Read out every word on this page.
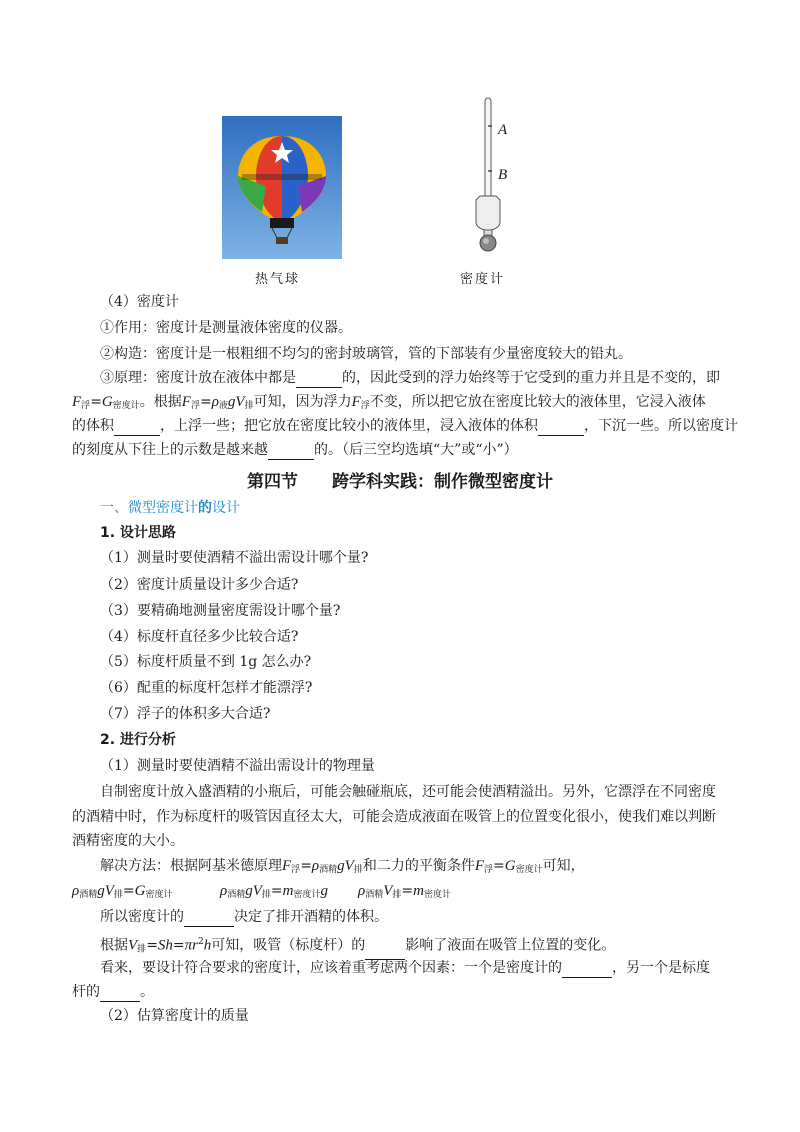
A
B
热气球	密度计
（4）密度计
①作用：密度计是测量液体密度的仪器。
②构造：密度计是一根粗细不均匀的密封玻璃管，管的下部装有少量密度较大的铅丸。
③原理：密度计放在液体中都是	的，因此受到的浮力始终等于它受到的重力并且是不变的，即
$F_浮=G_{密度计}$。根据$F_浮=\rho_液gV_排$可知，因为浮力$F_浮$不变，所以把它放在密度比较大的液体里，它浸入液体
的体积	，上浮一些；把它放在密度比较小的液体里，浸入液体的体积	，下沉一些。所以密度计
的刻度从下往上的示数是越来越	的。（后三空均选填“大”或“小”）
第四节 跨学科实践：制作微型密度计
一、微型密度计的设计
1. 设计思路
（1）测量时要使酒精不溢出需设计哪个量?
（2）密度计质量设计多少合适?
（3）要精确地测量密度需设计哪个量?
（4）标度杆直径多少比较合适?
（5）标度杆质量不到 1g 怎么办?
（6）配重的标度杆怎样才能漂浮?
（7）浮子的体积多大合适?
2. 进行分析
（1）测量时要使酒精不溢出需设计的物理量
自制密度计放入盛酒精的小瓶后，可能会触碰瓶底，还可能会使酒精溢出。另外，它漂浮在不同密度
的酒精中时，作为标度杆的吸管因直径太大，可能会造成液面在吸管上的位置变化很小，使我们难以判断
酒精密度的大小。
解决方法：根据阿基米德原理$F_浮=\rho_{酒精}gV_排$和二力的平衡条件$F_浮=G_{密度计}$可知，
$\rho_{酒精}gV_排=G_{密度计}$	$\rho_{酒精}gV_排=m_{密度计}g$ $\rho_{酒精}V_排=m_{密度计}$
所以密度计的	决定了排开酒精的体积。
根据$V_排=Sh=\pi r^2h$可知，吸管（标度杆）的	影响了液面在吸管上位置的变化。
看来，要设计符合要求的密度计，应该着重考虑两个因素：一个是密度计的	，另一个是标度
杆的	。
（2）估算密度计的质量
